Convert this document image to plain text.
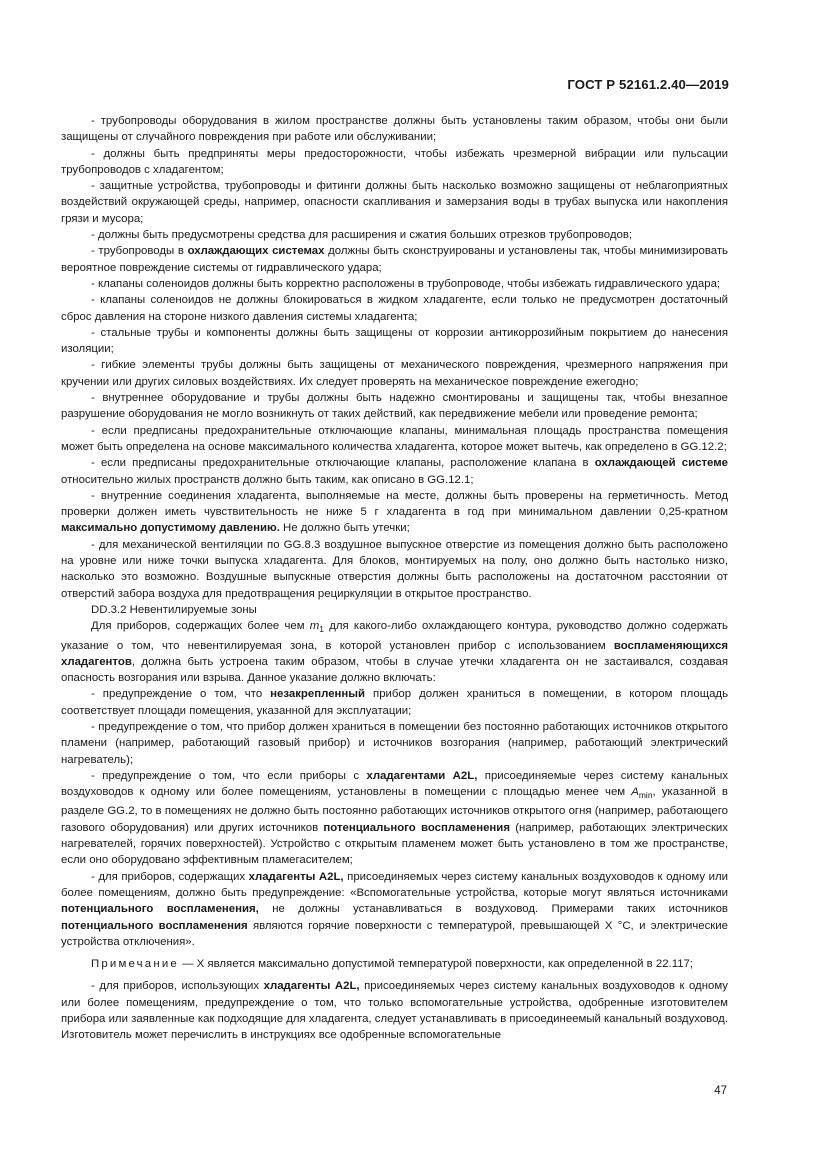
ГОСТ Р 52161.2.40—2019

- трубопроводы оборудования в жилом пространстве должны быть установлены таким образом, чтобы они были защищены от случайного повреждения при работе или обслуживании;

- должны быть предприняты меры предосторожности, чтобы избежать чрезмерной вибрации или пульсации трубопроводов с хладагентом;

- защитные устройства, трубопроводы и фитинги должны быть насколько возможно защищены от неблагоприятных воздействий окружающей среды, например, опасности скапливания и замерзания воды в трубах выпуска или накопления грязи и мусора;

- должны быть предусмотрены средства для расширения и сжатия больших отрезков трубопроводов;

- трубопроводы в охлаждающих системах должны быть сконструированы и установлены так, чтобы минимизировать вероятное повреждение системы от гидравлического удара;

- клапаны соленоидов должны быть корректно расположены в трубопроводе, чтобы избежать гидравлического удара;

- клапаны соленоидов не должны блокироваться в жидком хладагенте, если только не предусмотрен достаточный сброс давления на стороне низкого давления системы хладагента;

- стальные трубы и компоненты должны быть защищены от коррозии антикоррозийным покрытием до нанесения изоляции;

- гибкие элементы трубы должны быть защищены от механического повреждения, чрезмерного напряжения при кручении или других силовых воздействиях. Их следует проверять на механическое повреждение ежегодно;

- внутреннее оборудование и трубы должны быть надежно смонтированы и защищены так, чтобы внезапное разрушение оборудования не могло возникнуть от таких действий, как передвижение мебели или проведение ремонта;

- если предписаны предохранительные отключающие клапаны, минимальная площадь пространства помещения может быть определена на основе максимального количества хладагента, которое может вытечь, как определено в GG.12.2;

- если предписаны предохранительные отключающие клапаны, расположение клапана в охлаждающей системе относительно жилых пространств должно быть таким, как описано в GG.12.1;

- внутренние соединения хладагента, выполняемые на месте, должны быть проверены на герметичность. Метод проверки должен иметь чувствительность не ниже 5 г хладагента в год при минимальном давлении 0,25-кратном максимально допустимому давлению. Не должно быть утечки;

- для механической вентиляции по GG.8.3 воздушное выпускное отверстие из помещения должно быть расположено на уровне или ниже точки выпуска хладагента. Для блоков, монтируемых на полу, оно должно быть настолько низко, насколько это возможно. Воздушные выпускные отверстия должны быть расположены на достаточном расстоянии от отверстий забора воздуха для предотвращения рециркуляции в открытое пространство.

DD.3.2 Невентилируемые зоны

Для приборов, содержащих более чем $m_1$ для какого-либо охлаждающего контура, руководство должно содержать указание о том, что невентилируемая зона, в которой установлен прибор с использованием воспламеняющихся хладагентов, должна быть устроена таким образом, чтобы в случае утечки хладагента он не застаивался, создавая опасность возгорания или взрыва. Данное указание должно включать:

- предупреждение о том, что незакрепленный прибор должен храниться в помещении, в котором площадь соответствует площади помещения, указанной для эксплуатации;

- предупреждение о том, что прибор должен храниться в помещении без постоянно работающих источников открытого пламени (например, работающий газовый прибор) и источников возгорания (например, работающий электрический нагреватель);

- предупреждение о том, что если приборы с хладагентами A2L, присоединяемые через систему канальных воздуховодов к одному или более помещениям, установлены в помещении с площадью менее чем $A_{min}$, указанной в разделе GG.2, то в помещениях не должно быть постоянно работающих источников открытого огня (например, работающего газового оборудования) или других источников потенциального воспламенения (например, работающих электрических нагревателей, горячих поверхностей). Устройство с открытым пламенем может быть установлено в том же пространстве, если оно оборудовано эффективным пламегасителем;

- для приборов, содержащих хладагенты A2L, присоединяемых через систему канальных воздуховодов к одному или более помещениям, должно быть предупреждение: «Вспомогательные устройства, которые могут являться источниками потенциального воспламенения, не должны устанавливаться в воздуховод. Примерами таких источников потенциального воспламенения являются горячие поверхности с температурой, превышающей X °C, и электрические устройства отключения».

Примечание — X является максимально допустимой температурой поверхности, как определенной в 22.117;

- для приборов, использующих хладагенты A2L, присоединяемых через систему канальных воздуховодов к одному или более помещениям, предупреждение о том, что только вспомогательные устройства, одобренные изготовителем прибора или заявленные как подходящие для хладагента, следует устанавливать в присоединеемый канальный воздуховод. Изготовитель может перечислить в инструкциях все одобренные вспомогательные

47
